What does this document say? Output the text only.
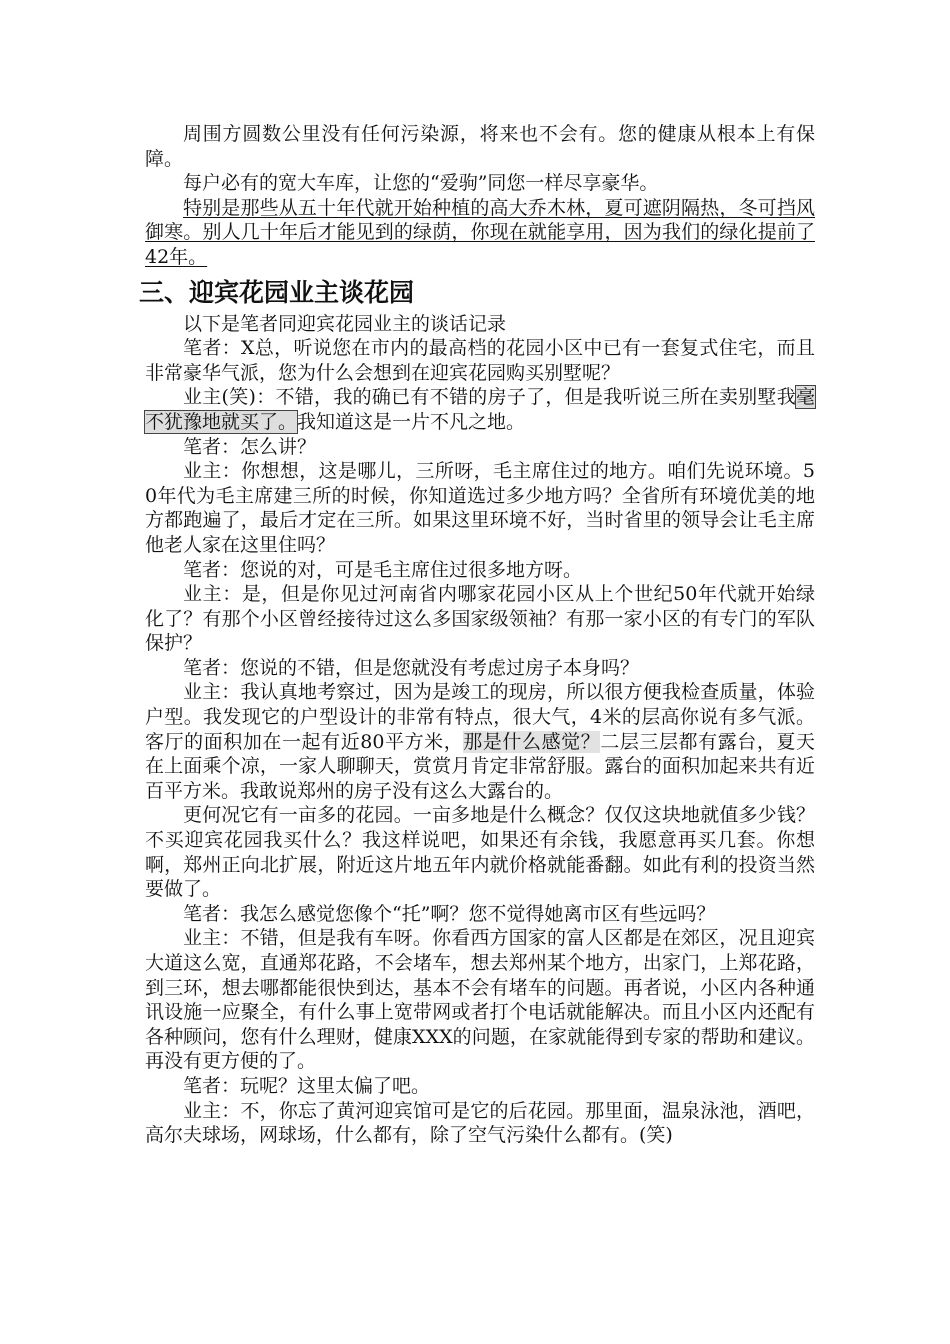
周围方圆数公里没有任何污染源，将来也不会有。您的健康从根本上有保障。

每户必有的宽大车库，让您的“爱驹”同您一样尽享豪华。

特别是那些从五十年代就开始种植的高大乔木林，夏可遮阴隔热，冬可挡风御寒。别人几十年后才能见到的绿荫，你现在就能享用，因为我们的绿化提前了42年。

三、迎宾花园业主谈花园

以下是笔者同迎宾花园业主的谈话记录

笔者：X总，听说您在市内的最高档的花园小区中已有一套复式住宅，而且非常豪华气派，您为什么会想到在迎宾花园购买别墅呢？

业主(笑)：不错，我的确已有不错的房子了，但是我听说三所在卖别墅我毫不犹豫地就买了。我知道这是一片不凡之地。

笔者：怎么讲？

业主：你想想，这是哪儿，三所呀，毛主席住过的地方。咱们先说环境。50年代为毛主席建三所的时候，你知道选过多少地方吗？全省所有环境优美的地方都跑遍了，最后才定在三所。如果这里环境不好，当时省里的领导会让毛主席他老人家在这里住吗？

笔者：您说的对，可是毛主席住过很多地方呀。

业主：是，但是你见过河南省内哪家花园小区从上个世纪50年代就开始绿化了？有那个小区曾经接待过这么多国家级领袖？有那一家小区的有专门的军队保护？

笔者：您说的不错，但是您就没有考虑过房子本身吗？

业主：我认真地考察过，因为是竣工的现房，所以很方便我检查质量，体验户型。我发现它的户型设计的非常有特点，很大气，4米的层高你说有多气派。客厅的面积加在一起有近80平方米，那是什么感觉？二层三层都有露台，夏天在上面乘个凉，一家人聊聊天，赏赏月肯定非常舒服。露台的面积加起来共有近百平方米。我敢说郑州的房子没有这么大露台的。

更何况它有一亩多的花园。一亩多地是什么概念？仅仅这块地就值多少钱？不买迎宾花园我买什么？我这样说吧，如果还有余钱，我愿意再买几套。你想啊，郑州正向北扩展，附近这片地五年内就价格就能番翻。如此有利的投资当然要做了。

笔者：我怎么感觉您像个“托”啊？您不觉得她离市区有些远吗？

业主：不错，但是我有车呀。你看西方国家的富人区都是在郊区，况且迎宾大道这么宽，直通郑花路，不会堵车，想去郑州某个地方，出家门，上郑花路，到三环，想去哪都能很快到达，基本不会有堵车的问题。再者说，小区内各种通讯设施一应聚全，有什么事上宽带网或者打个电话就能解决。而且小区内还配有各种顾问，您有什么理财，健康XXX的问题，在家就能得到专家的帮助和建议。再没有更方便的了。

笔者：玩呢？这里太偏了吧。

业主：不，你忘了黄河迎宾馆可是它的后花园。那里面，温泉泳池，酒吧，高尔夫球场，网球场，什么都有，除了空气污染什么都有。(笑)
